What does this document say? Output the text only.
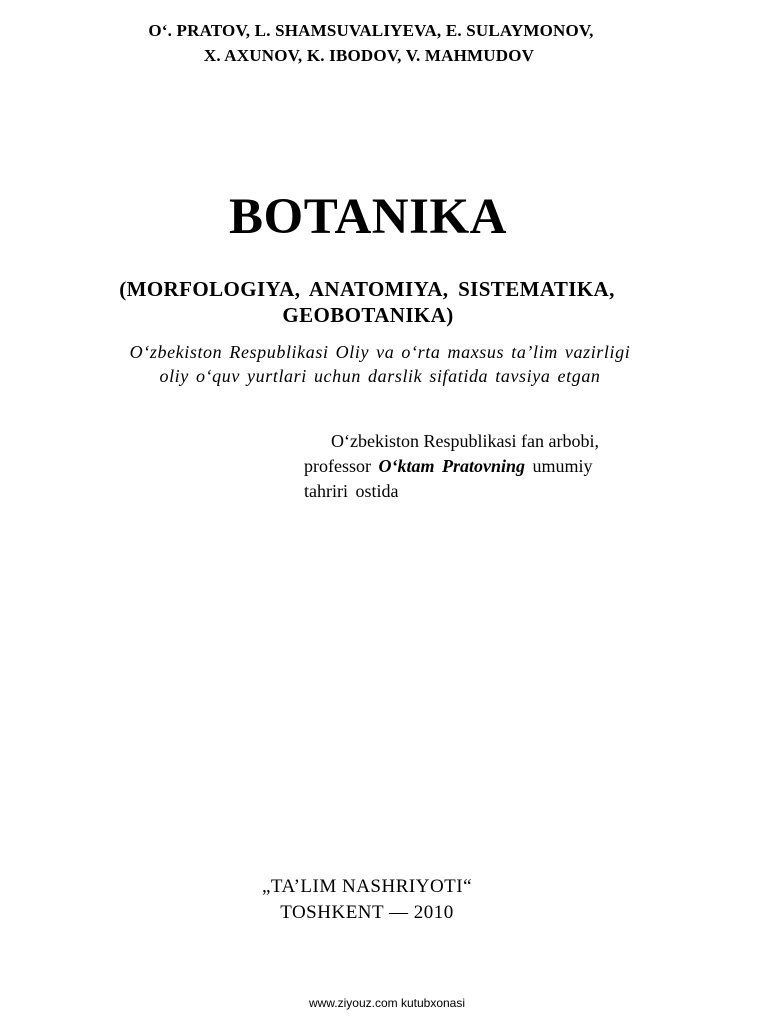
O‘. PRATOV, L. SHAMSUVALIYEVA, E. SULAYMONOV,

X. AXUNOV, K. IBODOV, V. MAHMUDOV

BOTANIKA

(MORFOLOGIYA, ANATOMIYA, SISTEMATIKA,

GEOBOTANIKA)

O‘zbekiston Respublikasi Oliy va o‘rta maxsus ta’lim vazirligi

oliy o‘quv yurtlari uchun darslik sifatida tavsiya etgan

O‘zbekiston Respublikasi fan arbobi,

professor O‘ktam Pratovning umumiy

tahriri ostida

„TA’LIM NASHRIYOTI“

TOSHKENT — 2010

www.ziyouz.com kutubxonasi
